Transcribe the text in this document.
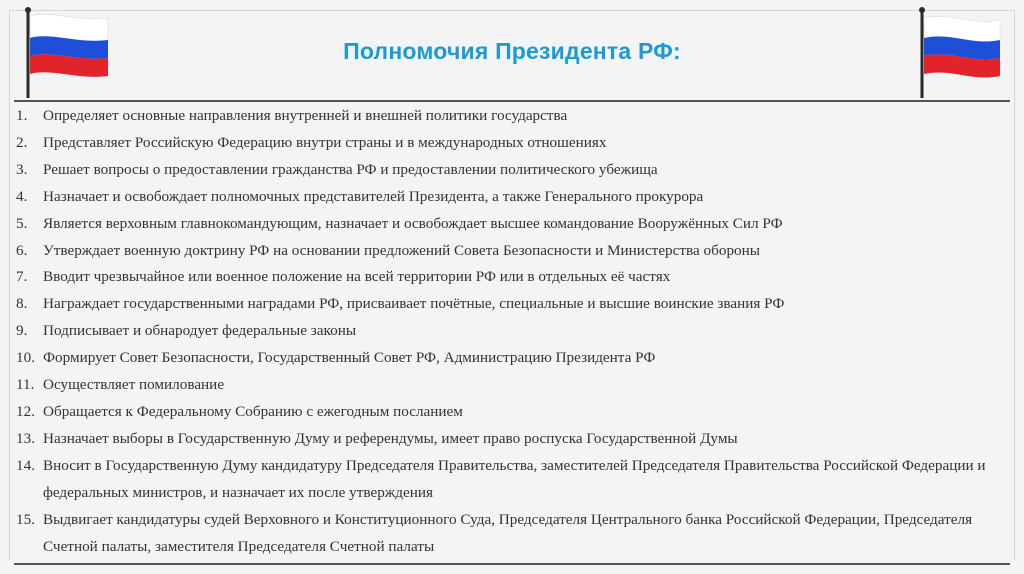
Полномочия Президента РФ:
1.	Определяет основные направления внутренней и внешней политики государства
2.	Представляет Российскую Федерацию внутри страны и в международных отношениях
3.	Решает вопросы о предоставлении гражданства РФ и предоставлении политического убежища
4.	Назначает и освобождает полномочных представителей Президента, а также Генерального прокурора
5.	Является верховным главнокомандующим, назначает и освобождает высшее командование Вооружённых Сил РФ
6.	Утверждает военную доктрину РФ на основании предложений Совета Безопасности и Министерства обороны
7.	Вводит чрезвычайное или военное положение на всей территории РФ или в отдельных её частях
8.	Награждает государственными наградами РФ, присваивает почётные, специальные и высшие воинские звания РФ
9.	Подписывает и обнародует федеральные законы
10. Формирует Совет Безопасности, Государственный Совет РФ, Администрацию Президента РФ
11. Осуществляет помилование
12. Обращается к Федеральному Собранию с ежегодным посланием
13. Назначает выборы в Государственную Думу и референдумы, имеет право роспуска Государственной Думы
14. Вносит в Государственную Думу кандидатуру Председателя Правительства, заместителей Председателя Правительства Российской Федерации и федеральных министров, и назначает их после утверждения
15. Выдвигает кандидатуры судей Верховного и Конституционного Суда, Председателя Центрального банка Российской Федерации, Председателя Счетной палаты, заместителя Председателя Счетной палаты
